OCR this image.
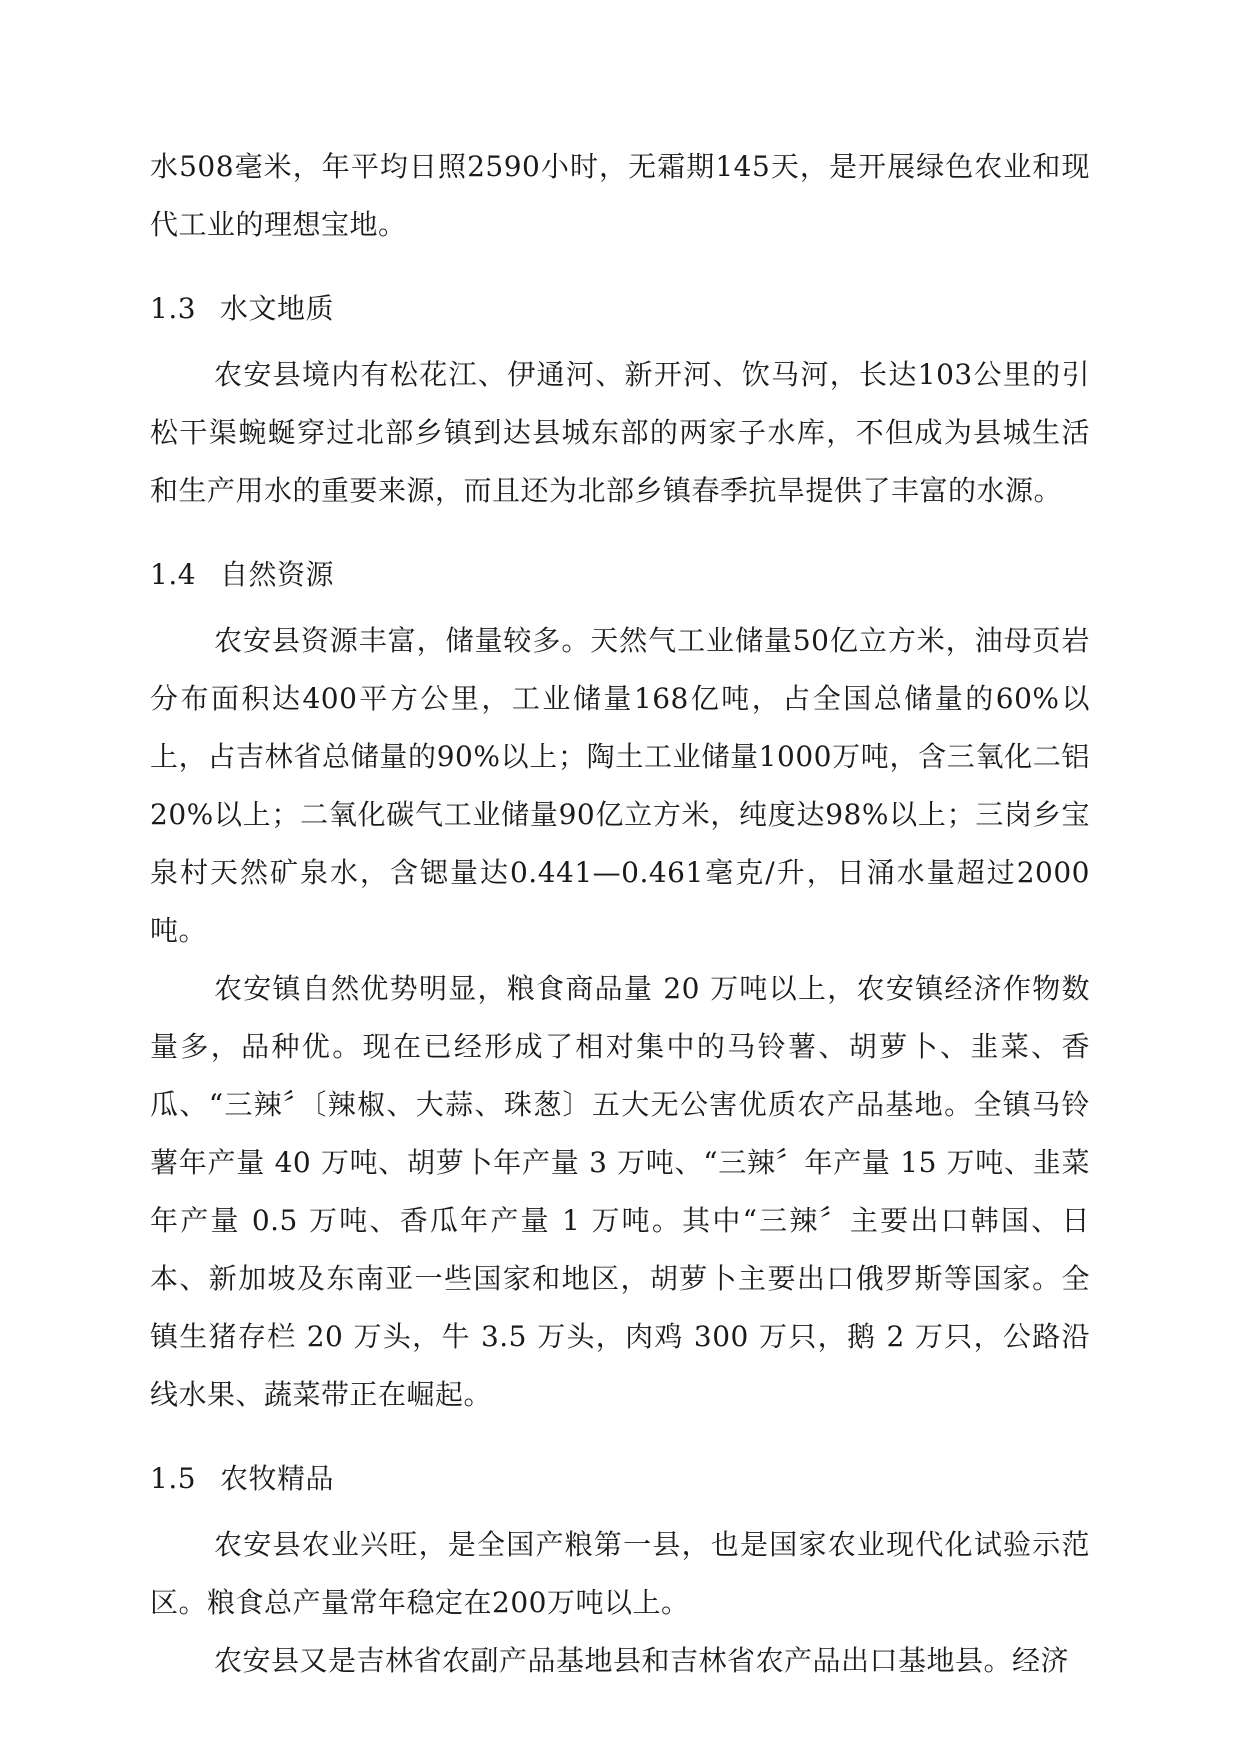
水508毫米，年平均日照2590小时，无霜期145天，是开展绿色农业和现代工业的理想宝地。

1.3 水文地质

农安县境内有松花江、伊通河、新开河、饮马河，长达103公里的引松干渠蜿蜒穿过北部乡镇到达县城东部的两家子水库，不但成为县城生活和生产用水的重要来源，而且还为北部乡镇春季抗旱提供了丰富的水源。

1.4 自然资源

农安县资源丰富，储量较多。天然气工业储量50亿立方米，油母页岩分布面积达400平方公里，工业储量168亿吨，占全国总储量的60%以上，占吉林省总储量的90%以上；陶土工业储量1000万吨，含三氧化二铝20%以上；二氧化碳气工业储量90亿立方米，纯度达98%以上；三岗乡宝泉村天然矿泉水，含锶量达0.441—0.461毫克/升，日涌水量超过2000吨。

农安镇自然优势明显，粮食商品量 20 万吨以上，农安镇经济作物数量多，品种优。现在已经形成了相对集中的马铃薯、胡萝卜、韭菜、香瓜、“三辣〞〔辣椒、大蒜、珠葱〕五大无公害优质农产品基地。全镇马铃薯年产量 40 万吨、胡萝卜年产量 3 万吨、“三辣〞年产量 15 万吨、韭菜年产量 0.5 万吨、香瓜年产量 1 万吨。其中“三辣〞主要出口韩国、日本、新加坡及东南亚一些国家和地区，胡萝卜主要出口俄罗斯等国家。全镇生猪存栏 20 万头，牛 3.5 万头，肉鸡 300 万只，鹅 2 万只，公路沿线水果、蔬菜带正在崛起。

1.5 农牧精品

农安县农业兴旺，是全国产粮第一县，也是国家农业现代化试验示范区。粮食总产量常年稳定在200万吨以上。

农安县又是吉林省农副产品基地县和吉林省农产品出口基地县。经济
